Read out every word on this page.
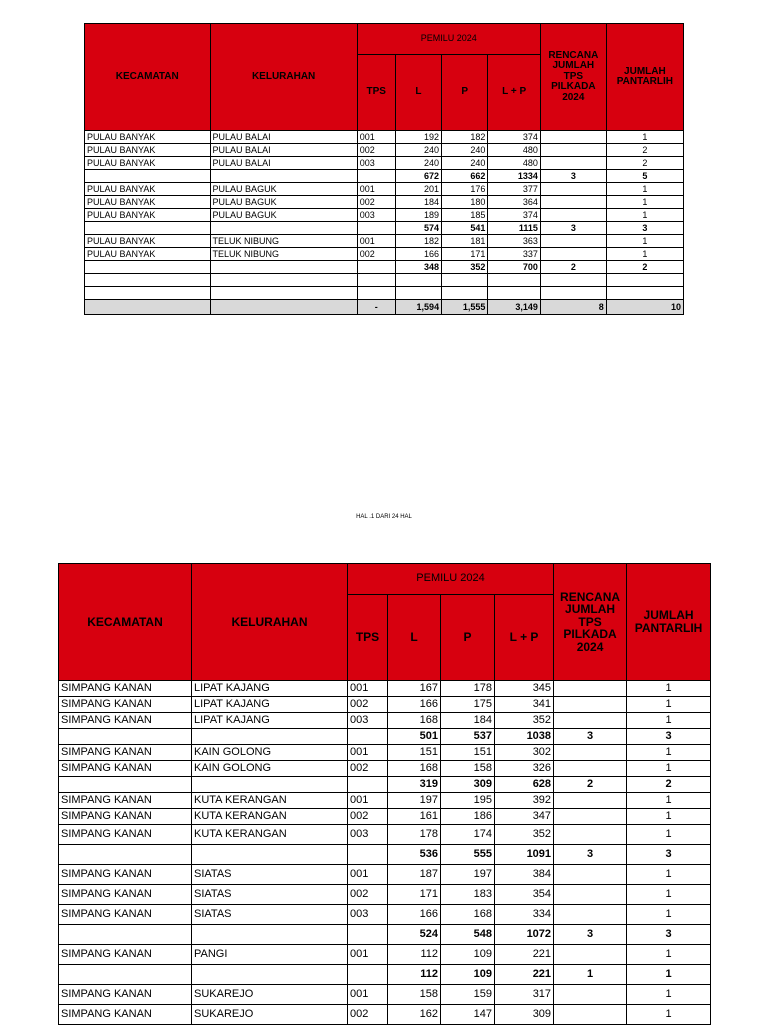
KECAMATAN	KELURAHAN	PEMILU 2024				RENCANA JUMLAH TPS PILKADA 2024	JUMLAH PANTARLIH
		TPS	L	P	L + P		
PULAU BANYAK	PULAU BALAI	001	192	182	374		1
PULAU BANYAK	PULAU BALAI	002	240	240	480		2
PULAU BANYAK	PULAU BALAI	003	240	240	480		2
			672	662	1334	3	5
PULAU BANYAK	PULAU BAGUK	001	201	176	377		1
PULAU BANYAK	PULAU BAGUK	002	184	180	364		1
PULAU BANYAK	PULAU BAGUK	003	189	185	374		1
			574	541	1115	3	3
PULAU BANYAK	TELUK NIBUNG	001	182	181	363		1
PULAU BANYAK	TELUK NIBUNG	002	166	171	337		1
			348	352	700	2	2

		-	1,594	1,555	3,149	8	10
HAL .1 DARI 24 HAL
KECAMATAN	KELURAHAN	PEMILU 2024				RENCANA JUMLAH TPS PILKADA 2024	JUMLAH PANTARLIH
		TPS	L	P	L + P		
SIMPANG KANAN	LIPAT KAJANG	001	167	178	345		1
SIMPANG KANAN	LIPAT KAJANG	002	166	175	341		1
SIMPANG KANAN	LIPAT KAJANG	003	168	184	352		1
			501	537	1038	3	3
SIMPANG KANAN	KAIN GOLONG	001	151	151	302		1
SIMPANG KANAN	KAIN GOLONG	002	168	158	326		1
			319	309	628	2	2
SIMPANG KANAN	KUTA KERANGAN	001	197	195	392		1
SIMPANG KANAN	KUTA KERANGAN	002	161	186	347		1
SIMPANG KANAN	KUTA KERANGAN	003	178	174	352		1
			536	555	1091	3	3
SIMPANG KANAN	SIATAS	001	187	197	384		1
SIMPANG KANAN	SIATAS	002	171	183	354		1
SIMPANG KANAN	SIATAS	003	166	168	334		1
			524	548	1072	3	3
SIMPANG KANAN	PANGI	001	112	109	221		1
			112	109	221	1	1
SIMPANG KANAN	SUKAREJO	001	158	159	317		1
SIMPANG KANAN	SUKAREJO	002	162	147	309		1
